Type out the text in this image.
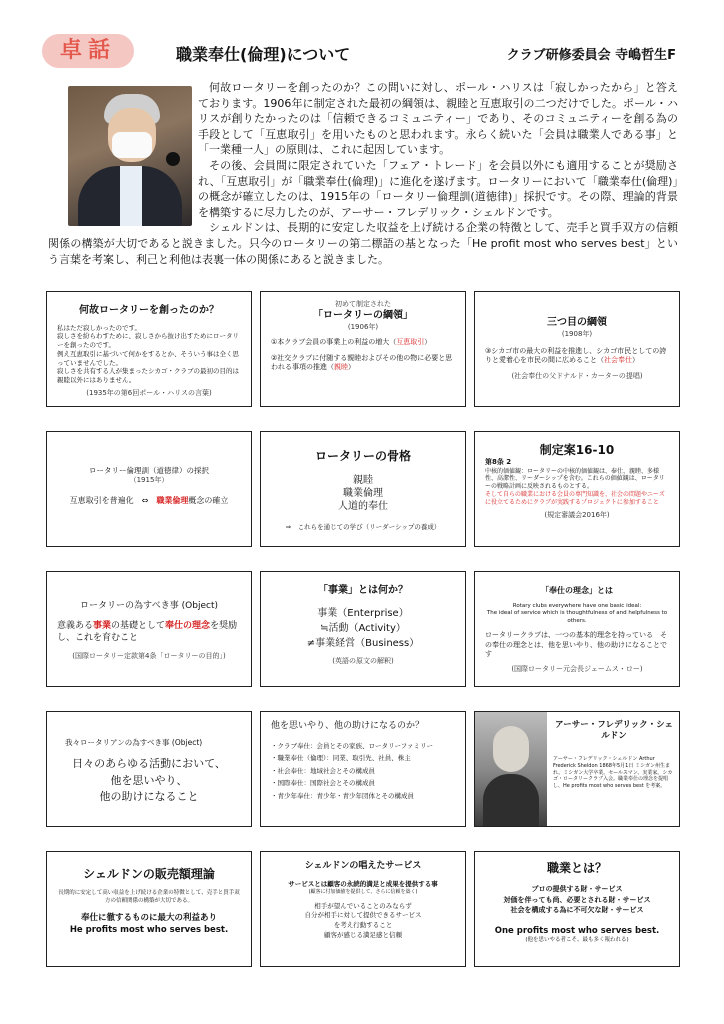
卓話	職業奉仕(倫理)について	クラブ研修委員会 寺嶋哲生F

何故ロータリーを創ったのか？この問いに対し、ポール・ハリスは「寂しかったから」と答えております。1906年に制定された最初の綱領は、親睦と互恵取引の二つだけでした。ポール・ハリスが創りたかったのは「信頼できるコミュニティー」であり、そのコミュニティーを創る為の手段として「互恵取引」を用いたものと思われます。永らく続いた「会員は職業人である事」と「一業種一人」の原則は、これに起因しています。

その後、会員間に限定されていた「フェア・トレード」を会員以外にも適用することが奨励され、「互恵取引」が「職業奉仕(倫理)」に進化を遂げます。ロータリーにおいて「職業奉仕(倫理)」の概念が確立したのは、1915年の「ロータリー倫理訓(道徳律)」採択です。その際、理論的背景を構築するに尽力したのが、アーサー・フレデリック・シェルドンです。

シェルドンは、長期的に安定した収益を上げ続ける企業の特徴として、売手と買手双方の信頼関係の構築が大切であると説きました。只今のロータリーの第二標語の基となった「He profit most who serves best」という言葉を考案し、利己と利他は表裏一体の関係にあると説きました。

何故ロータリーを創ったのか？
私はただ寂しかったのです。
寂しさを紛らわすために、寂しさから抜け出すためにロータリーを創ったのです。
例え互恵取引に基づいて何かをするとか、そういう事は全く思っていませんでした。
寂しさを共有する人が集まったシカゴ・クラブの最初の目的は親睦以外にはありません。
(1935年の第6回ポール・ハリスの言葉)
初めて制定された
「ロータリーの綱領」
(1906年)
①本クラブ会員の事業上の利益の増大（互恵取引）
②社交クラブに付随する親睦およびその他の物に必要と思われる事項の推進（親睦）
三つ目の綱領
(1908年)
③シカゴ市の最大の利益を推進し、シカゴ市民としての誇りと愛着心を市民の間に広めること（社会奉仕）
(社会奉仕の父ドナルド・カーターの提唱)
ロータリー倫理訓（道徳律）の採択
（1915年）
互恵取引を普遍化　⇔　職業倫理概念の確立
ロータリーの骨格
親睦
職業倫理
人道的奉仕
⇒　これらを通じての学び（リーダーシップの養成）
制定案16-10
第8条 2
中核的価値観：ロータリーの中核的価値観は、奉仕、親睦、多様性、高潔性、リーダーシップを含む。これらの価値観は、ロータリーの戦略計画に反映されるものとする。
そして自らの職業における会員の専門知識を、社会の問題やニーズに役立てるためにクラブが実践するプロジェクトに参加すること
(規定審議会2016年)
ロータリーの為すべき事 (Object)
意義ある事業の基礎として奉仕の理念を奨励し、これを育むこと
(国際ロータリー定款第4条「ロータリーの目的」)
「事業」とは何か？
事業（Enterprise）
≒活動（Activity）
≠事業経営（Business）
(英語の原文の解釈)
「奉仕の理念」とは
Rotary clubs everywhere have one basic ideal:
The ideal of service which is thoughtfulness of and helpfulness to others.
ロータリークラブは、一つの基本的理念を持っている　その奉仕の理念とは、他を思いやり、他の助けになることです
(国際ロータリー元会長ジェームス・ロー)
我々ロータリアンの為すべき事 (Object)
日々のあらゆる活動において、
他を思いやり、
他の助けになること
他を思いやり、他の助けになるのか？
・クラブ奉仕：会員とその家族、ロータリーファミリー
・職業奉仕（倫理）：同業、取引先、社員、株主
・社会奉仕：地域社会とその構成員
・国際奉仕：国際社会とその構成員
・青少年奉仕：青少年・青少年団体とその構成員
アーサー・フレデリック・シェルドン
アーサー・フレデリック・シェルドン Arthur Frederick Sheldon 1868年5月1日 ミシガン州生まれ。ミシガン大学卒業。セールスマン、実業家。シカゴ・ロータリークラブ入会。職業奉仕の理念を提唱し、He profits most who serves best を考案。
シェルドンの販売額理論
長期的に安定して高い収益を上げ続ける企業の特徴として、売手と買手双方の信頼関係の構築が大切である。
奉仕に徹するものに最大の利益あり
He profits most who serves best.
シェルドンの唱えたサービス
サービスとは顧客の永続的満足と成果を提供する事
(顧客に付加価値を提供して、さらに信頼を築く)
相手が望んでいることのみならず
自分が相手に対して提供できるサービス
を考え行動すること
顧客が感じる満足感と信頼
職業とは？
プロの提供する財・サービス
対価を伴っても尚、必要とされる財・サービス
社会を構成する為に不可欠な財・サービス
One profits most who serves best.
(他を思いやる者こそ、最も多く報われる)
